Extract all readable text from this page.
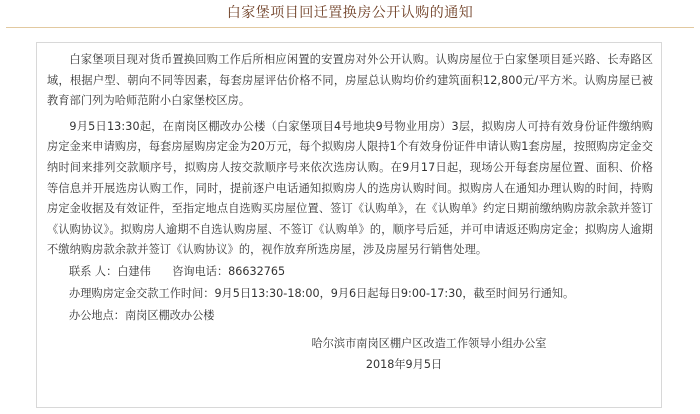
白家堡项目回迁置换房公开认购的通知

白家堡项目现对货币置换回购工作后所相应闲置的安置房对外公开认购。认购房屋位于白家堡项目延兴路、长寿路区域，根据户型、朝向不同等因素，每套房屋评估价格不同，房屋总认购均价约建筑面积12,800元/平方米。认购房屋已被教育部门列为哈师范附小白家堡校区房。

9月5日13:30起，在南岗区棚改办公楼（白家堡项目4号地块9号物业用房）3层，拟购房人可持有效身份证件缴纳购房定金来申请购房，每套房屋购房定金为20万元，每个拟购房人限持1个有效身份证件申请认购1套房屋，按照购房定金交纳时间来排列交款顺序号，拟购房人按交款顺序号来依次选房认购。在9月17日起，现场公开每套房屋位置、面积、价格等信息并开展选房认购工作，同时，提前逐户电话通知拟购房人的选房认购时间。拟购房人在通知办理认购的时间，持购房定金收据及有效证件，至指定地点自选购买房屋位置、签订《认购单》，在《认购单》约定日期前缴纳购房款余款并签订《认购协议》。拟购房人逾期不自选认购房屋、不签订《认购单》的，顺序号后延，并可申请返还购房定金；拟购房人逾期不缴纳购房款余款并签订《认购协议》的，视作放弃所选房屋，涉及房屋另行销售处理。

联系 人：白建伟      咨询电话：86632765

办理购房定金交款工作时间：9月5日13:30-18:00，9月6日起每日9:00-17:30，截至时间另行通知。

办公地点：南岗区棚改办公楼

哈尔滨市南岗区棚户区改造工作领导小组办公室
2018年9月5日
